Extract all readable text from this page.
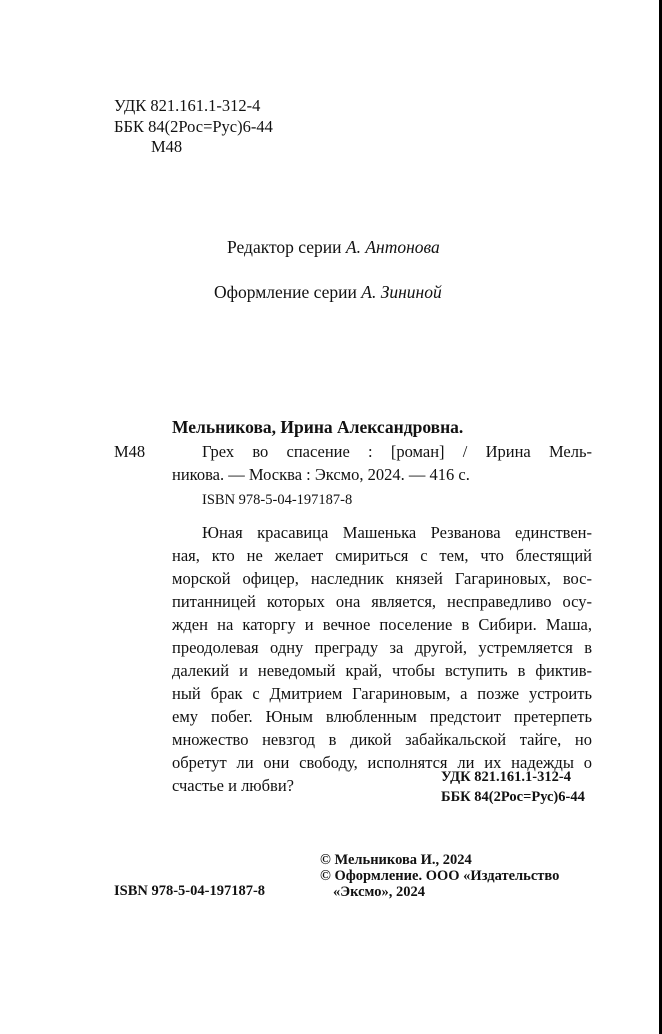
УДК 821.161.1-312-4
ББК 84(2Рос=Рус)6-44
М48
Редактор серии А. Антонова
Оформление серии А. Зининой
Мельникова, Ирина Александровна.
М48	Грех во спасение : [роман] / Ирина Мель-
никова. — Москва : Эксмо, 2024. — 416 с.
ISBN 978-5-04-197187-8
Юная красавица Машенька Резванова единствен-
ная, кто не желает смириться с тем, что блестящий
морской офицер, наследник князей Гагариновых, вос-
питанницей которых она является, несправедливо осу-
жден на каторгу и вечное поселение в Сибири. Маша,
преодолевая одну преграду за другой, устремляется в
далекий и неведомый край, чтобы вступить в фиктив-
ный брак с Дмитрием Гагариновым, а позже устроить
ему побег. Юным влюбленным предстоит претерпеть
множество невзгод в дикой забайкальской тайге, но
обретут ли они свободу, исполнятся ли их надежды о
счастье и любви?	УДК 821.161.1-312-4
ББК 84(2Рос=Рус)6-44
ISBN 978-5-04-197187-8
© Мельникова И., 2024
© Оформление. ООО «Издательство
«Эксмо», 2024
